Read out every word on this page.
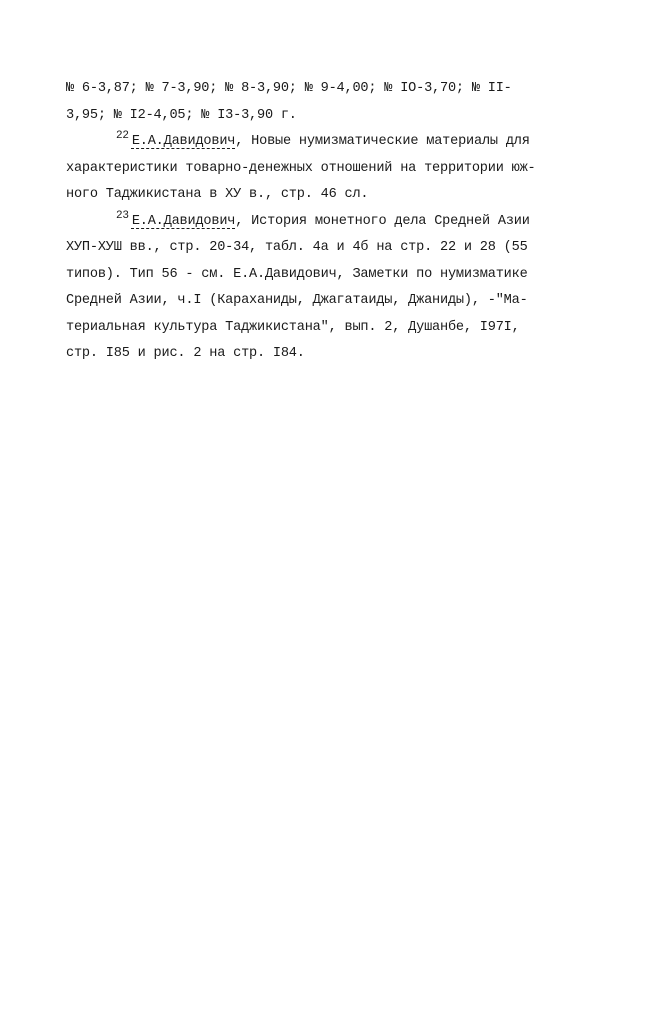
№ 6-3,87; № 7-3,90; № 8-3,90; № 9-4,00; № IO-3,70; № II-
3,95; № I2-4,05; № I3-3,90 г.
$^{22}$ Е.А.Давидович, Новые нумизматические материалы для
характеристики товарно-денежных отношений на территории юж-
ного Таджикистана в ХУ в., стр. 46 сл.
$^{23}$ Е.А.Давидович, История монетного дела Средней Азии
ХУП-ХУШ вв., стр. 20-34, табл. 4а и 4б на стр. 22 и 28 (55
типов). Тип 56 - см. Е.А.Давидович, Заметки по нумизматике
Средней Азии, ч.I (Караханиды, Джагатаиды, Джаниды), -"Ма-
териальная культура Таджикистана", вып. 2, Душанбе, I97I,
стр. I85 и рис. 2 на стр. I84.
